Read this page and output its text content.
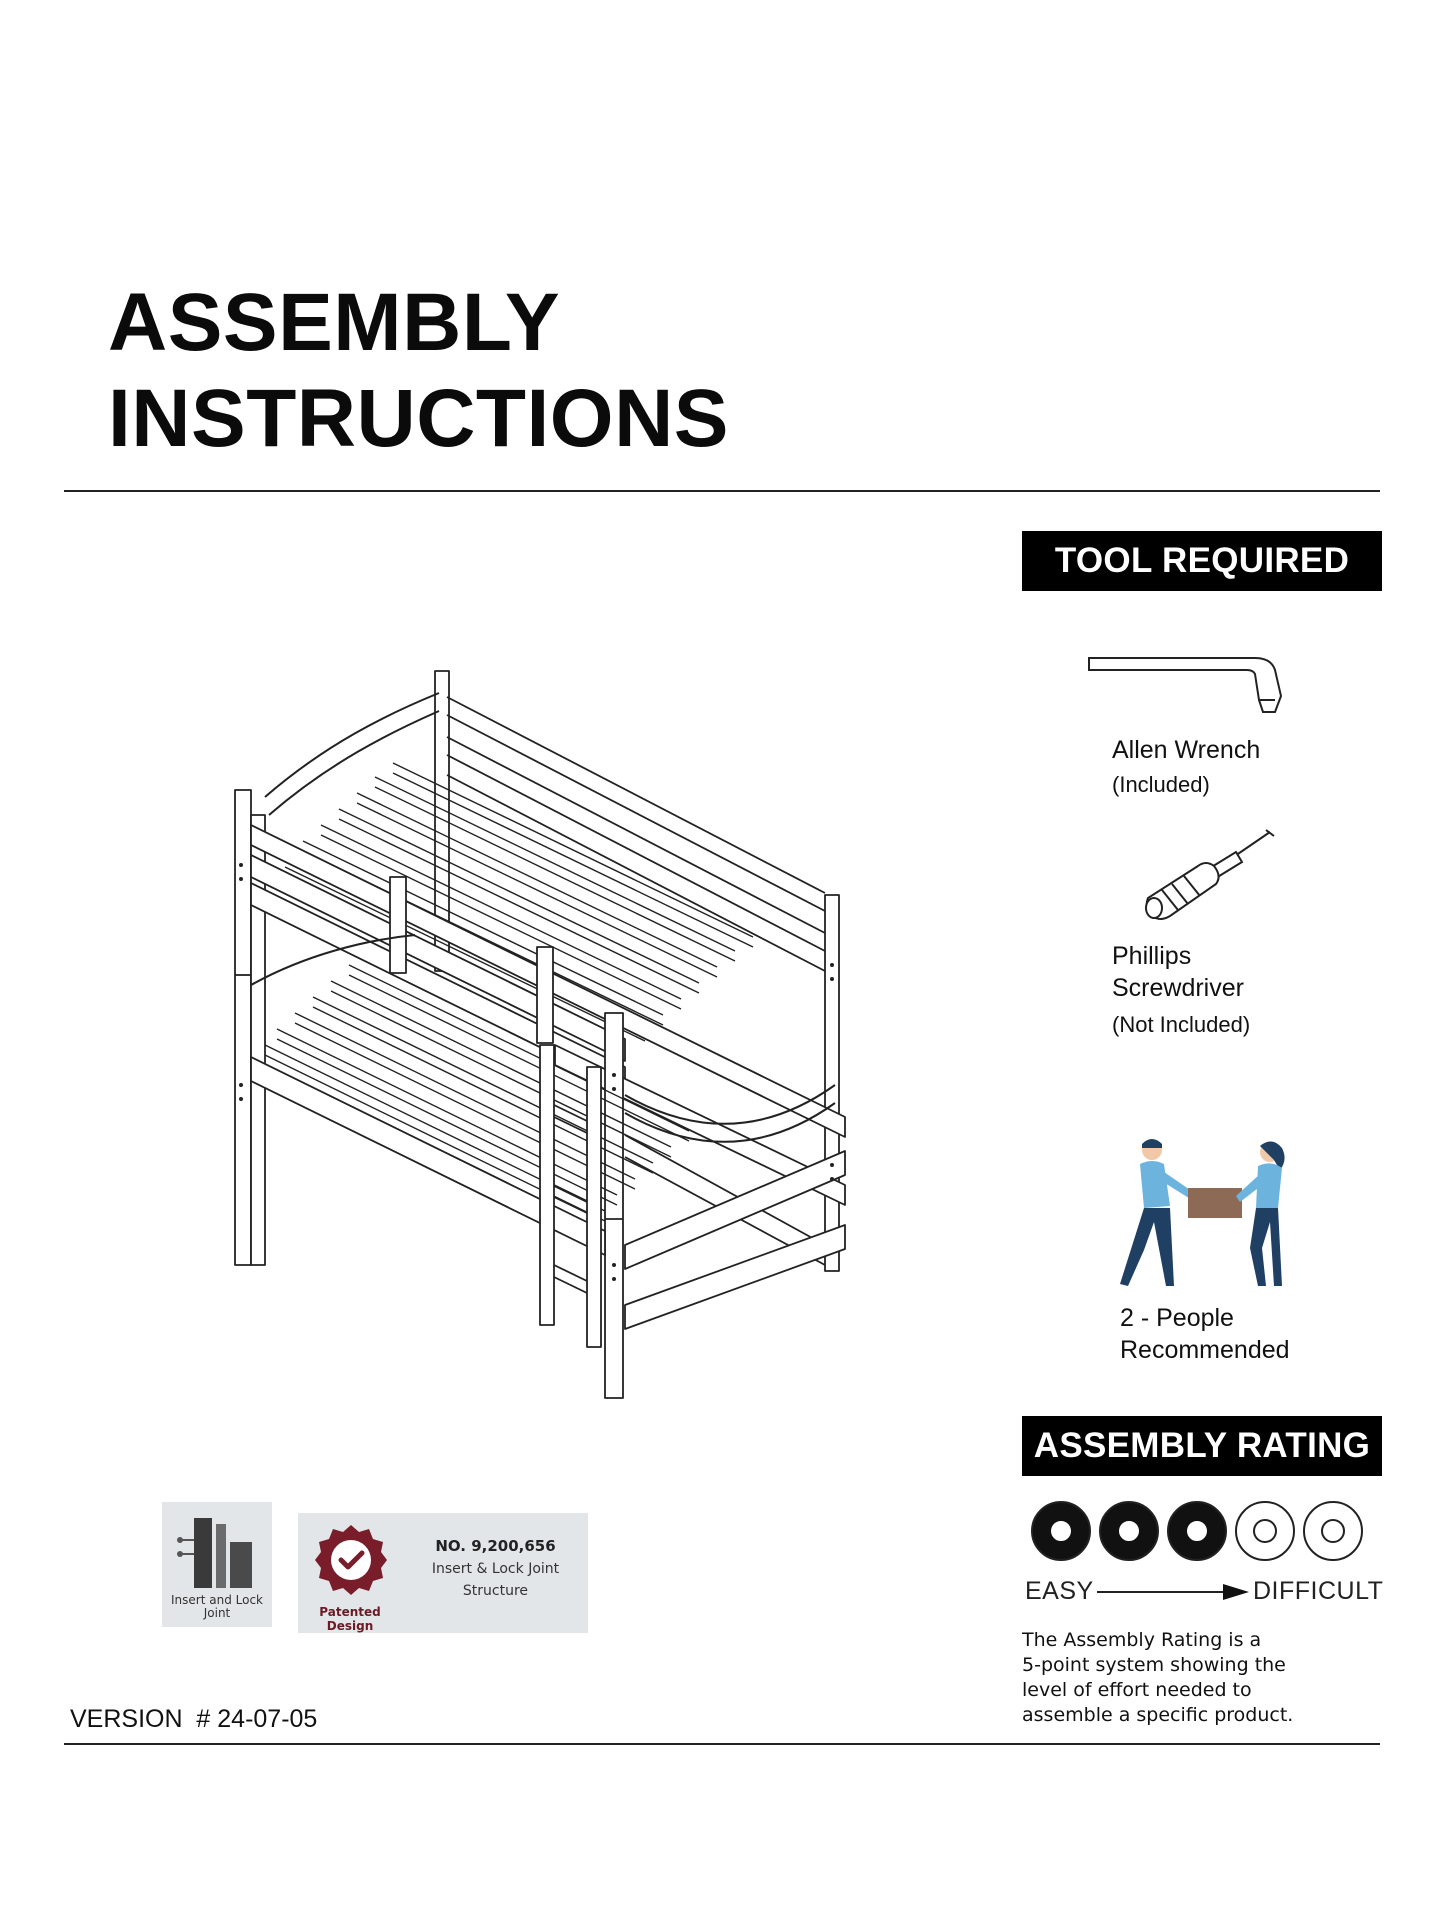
ASSEMBLY
INSTRUCTIONS
TOOL REQUIRED
Allen Wrench
(Included)
Phillips
Screwdriver
(Not Included)
2 - People
Recommended
ASSEMBLY RATING
EASY	DIFFICULT
The Assembly Rating is a
5-point system showing the
level of effort needed to
assemble a specific product.
Insert and Lock
Joint	Patented Design
NO. 9,200,656
Insert & Lock Joint
Structure
VERSION  # 24-07-05
